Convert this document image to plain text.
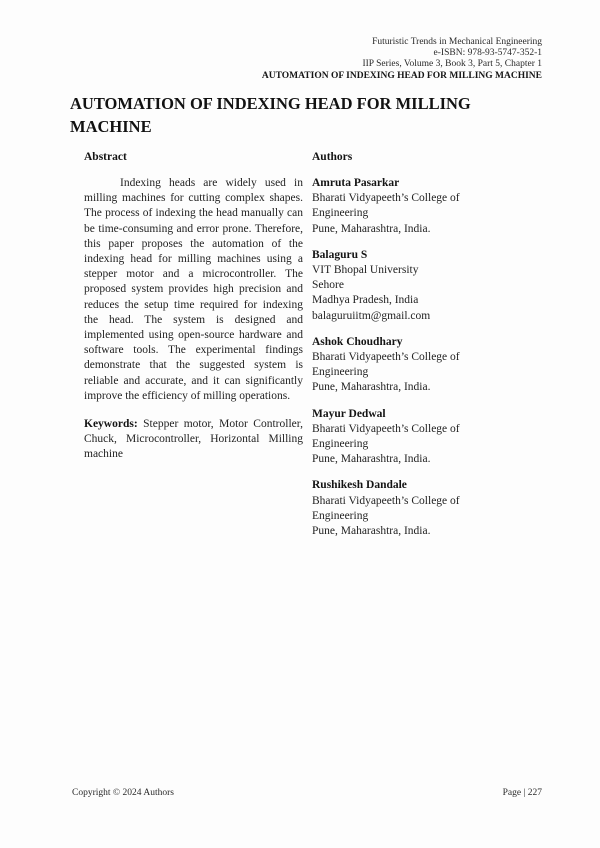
Futuristic Trends in Mechanical Engineering
e-ISBN: 978-93-5747-352-1
IIP Series, Volume 3, Book 3, Part 5, Chapter 1
AUTOMATION OF INDEXING HEAD FOR MILLING MACHINE
AUTOMATION OF INDEXING HEAD FOR MILLING MACHINE
Abstract

Indexing heads are widely used in milling machines for cutting complex shapes. The process of indexing the head manually can be time-consuming and error prone. Therefore, this paper proposes the automation of the indexing head for milling machines using a stepper motor and a microcontroller. The proposed system provides high precision and reduces the setup time required for indexing the head. The system is designed and implemented using open-source hardware and software tools. The experimental findings demonstrate that the suggested system is reliable and accurate, and it can significantly improve the efficiency of milling operations.

Keywords: Stepper motor, Motor Controller, Chuck, Microcontroller, Horizontal Milling machine

Authors
Amruta Pasarkar
Bharati Vidyapeeth’s College of
Engineering
Pune, Maharashtra, India.
Balaguru S
VIT Bhopal University
Sehore
Madhya Pradesh, India
balaguruiitm@gmail.com
Ashok Choudhary
Bharati Vidyapeeth’s College of
Engineering
Pune, Maharashtra, India.
Mayur Dedwal
Bharati Vidyapeeth’s College of
Engineering
Pune, Maharashtra, India.
Rushikesh Dandale
Bharati Vidyapeeth’s College of
Engineering
Pune, Maharashtra, India.
Copyright © 2024 Authors	Page | 227
